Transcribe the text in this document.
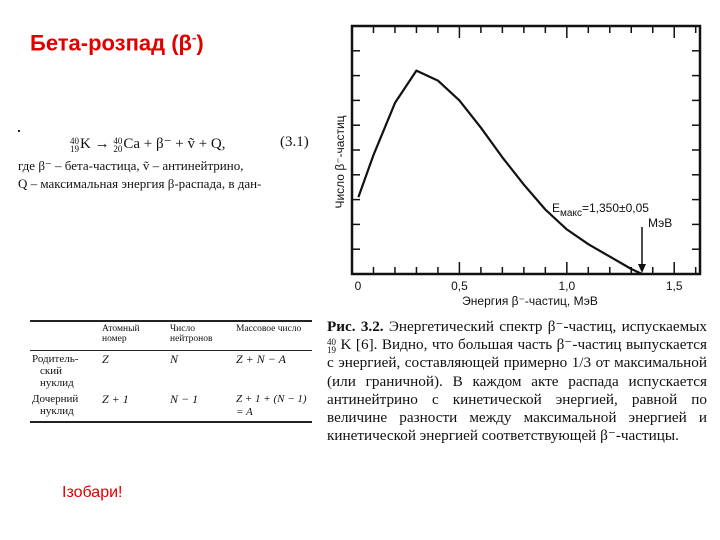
Бета-розпад (β-)
40
19K → 40
20Ca + β⁻ + ṽ + Q,	(3.1)
где β⁻ – бета-частица, ṽ – антинейтрино,
Q – максимальная энергия β-распада, в дан-
	Атомный номер	Число нейтронов	Массовое число

Родитель-
ский
нуклид	Z	N	Z + N − A

Дочерний
нуклид	Z + 1	N − 1	Z + 1 + (N − 1) = A
0	0,5	1,0	1,5
Число β⁻-частиц
Энергия β⁻-частиц, МэВ
$E_{макс}=1,350\pm 0,05$
МэВ
Рис. 3.2. Энергетический спектр β⁻-частиц, испускаемых 40
19 K [6]. Видно, что большая часть β⁻-частиц выпускается с энергией, составляющей примерно 1/3 от максимальной (или граничной). В каждом акте распада испускается антинейтрино с кинетической энергией, равной по величине разности между максимальной энергией и кинетической энергией соответствующей β⁻-частицы.
Ізобари!
